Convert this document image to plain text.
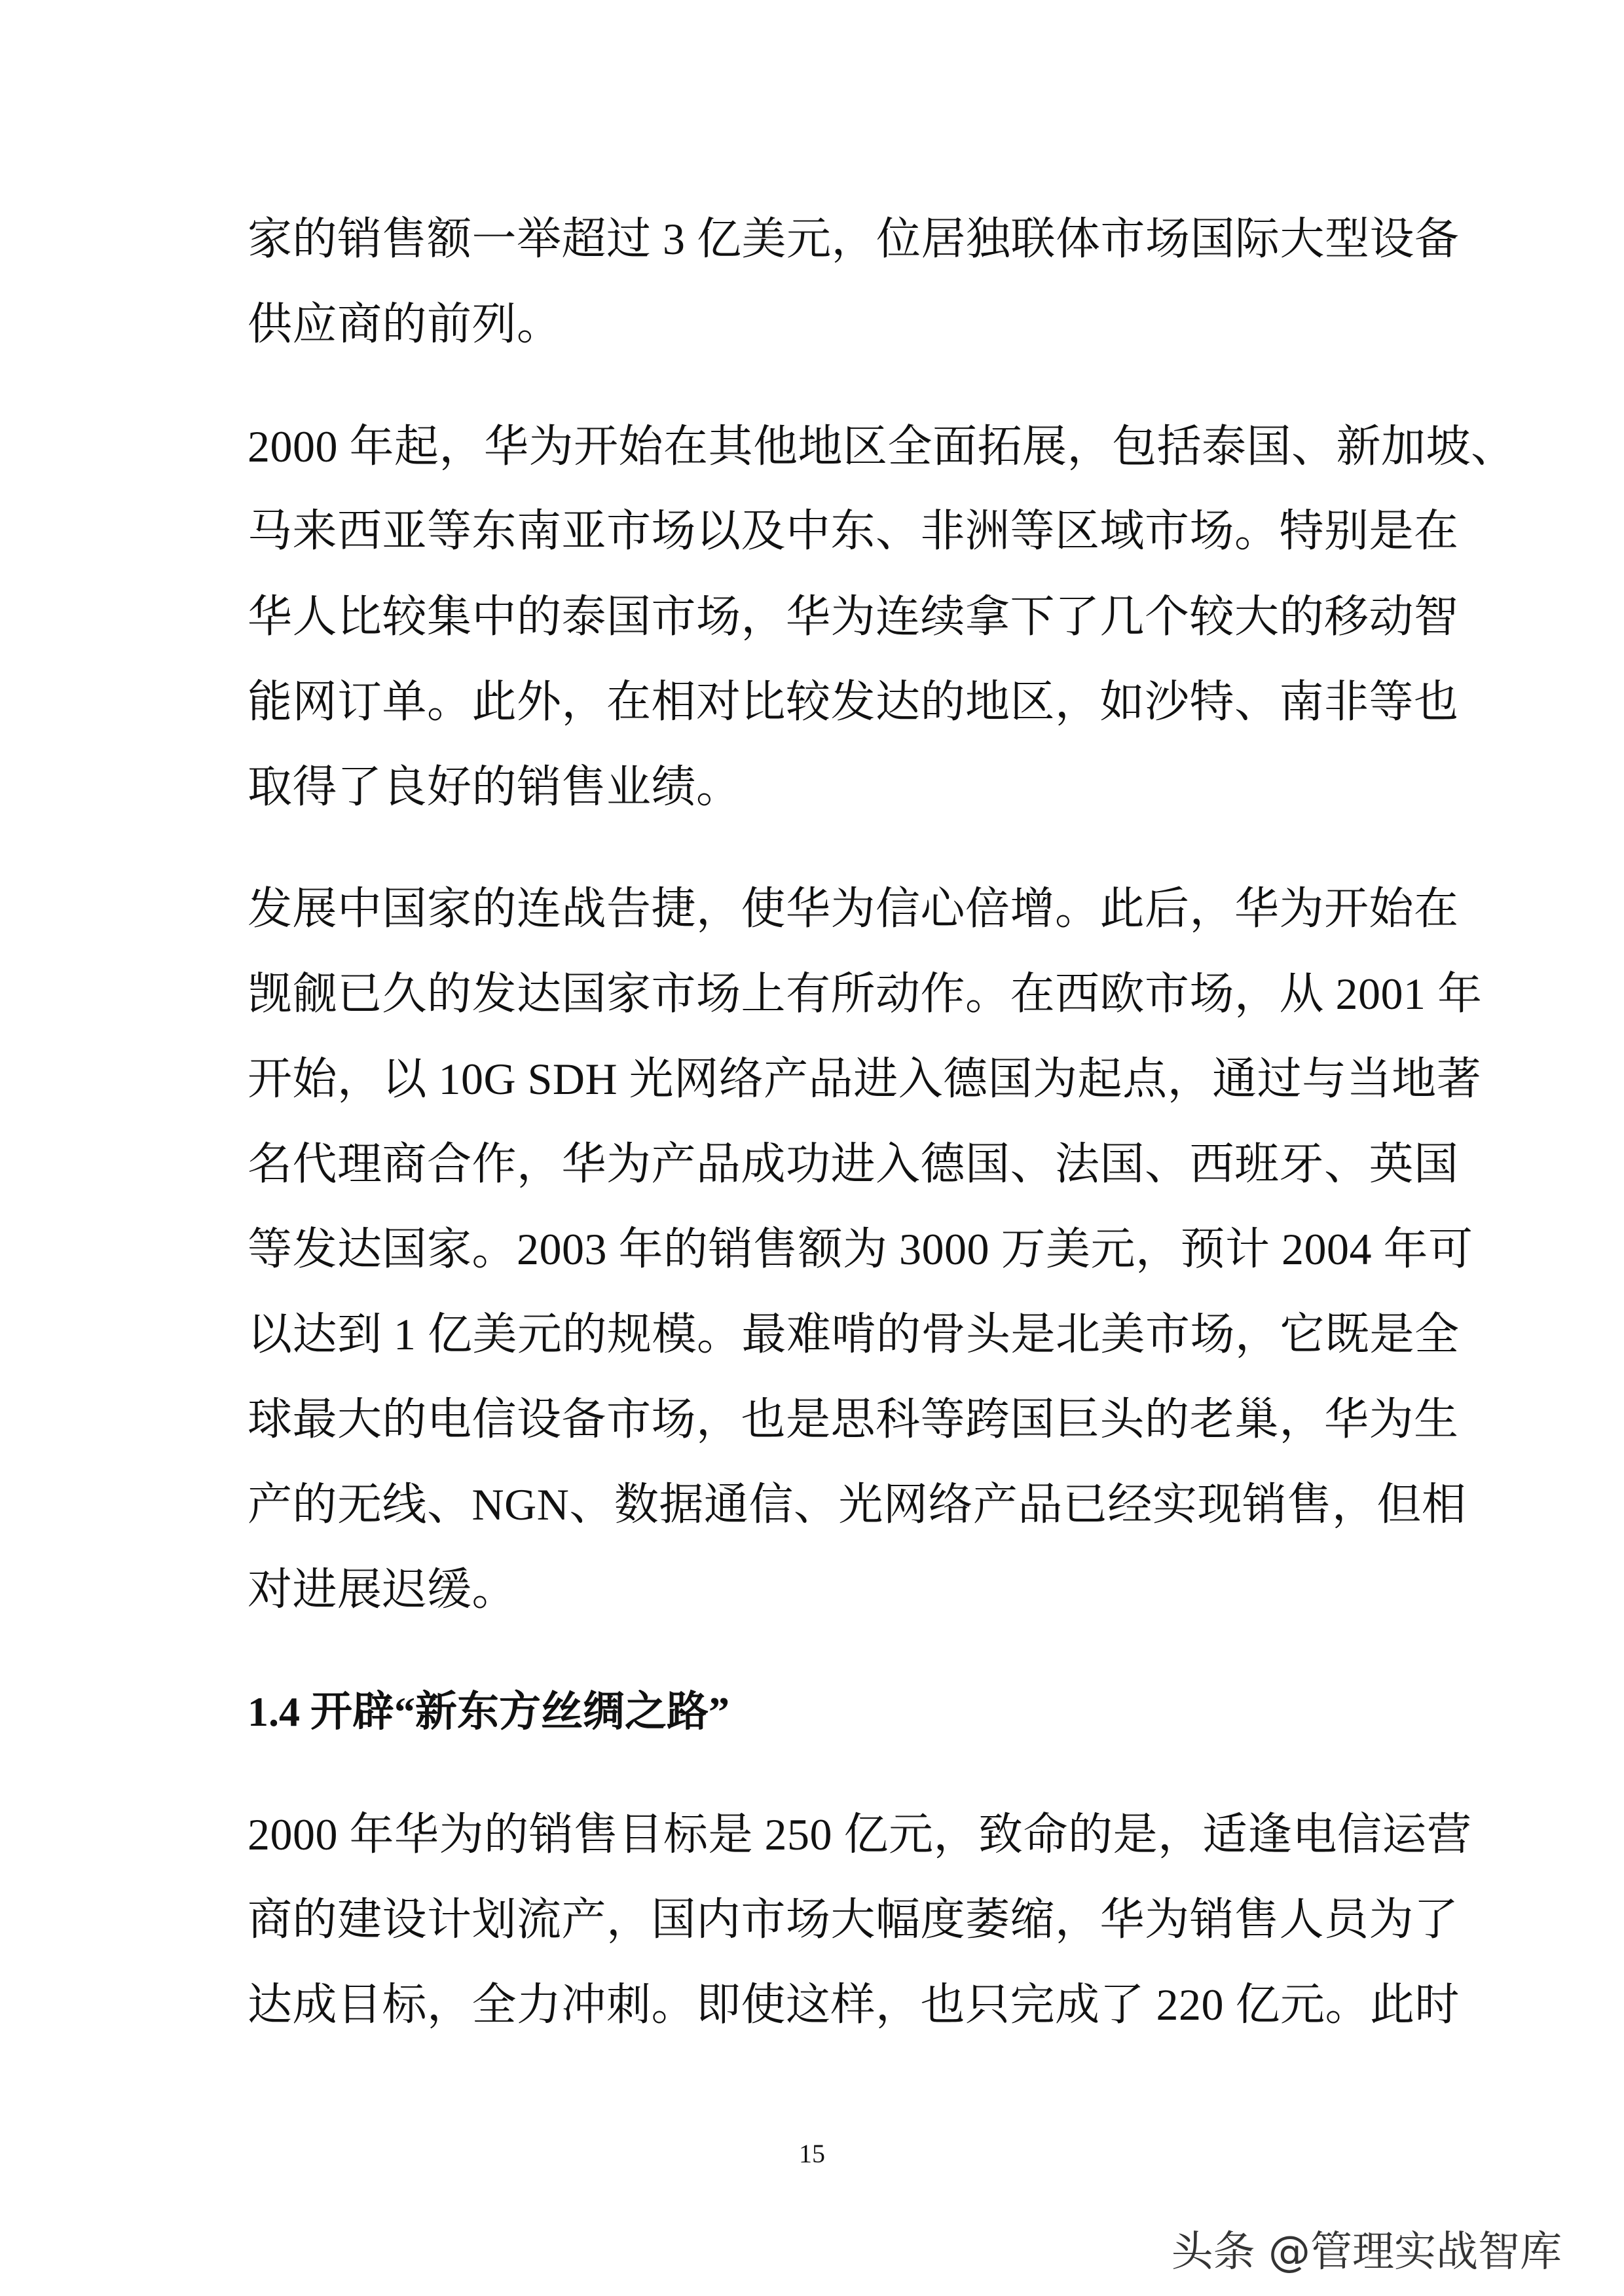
家的销售额一举超过 3 亿美元，位居独联体市场国际大型设备
供应商的前列。
2000 年起，华为开始在其他地区全面拓展，包括泰国、新加坡、
马来西亚等东南亚市场以及中东、非洲等区域市场。特别是在
华人比较集中的泰国市场，华为连续拿下了几个较大的移动智
能网订单。此外，在相对比较发达的地区，如沙特、南非等也
取得了良好的销售业绩。
发展中国家的连战告捷，使华为信心倍增。此后，华为开始在
觊觎已久的发达国家市场上有所动作。在西欧市场，从 2001 年
开始，以 10G SDH 光网络产品进入德国为起点，通过与当地著
名代理商合作，华为产品成功进入德国、法国、西班牙、英国
等发达国家。2003 年的销售额为 3000 万美元，预计 2004 年可
以达到 1 亿美元的规模。最难啃的骨头是北美市场，它既是全
球最大的电信设备市场，也是思科等跨国巨头的老巢，华为生
产的无线、NGN、数据通信、光网络产品已经实现销售，但相
对进展迟缓。
1.4 开辟“新东方丝绸之路”
2000 年华为的销售目标是 250 亿元，致命的是，适逢电信运营
商的建设计划流产，国内市场大幅度萎缩，华为销售人员为了
达成目标，全力冲刺。即使这样，也只完成了 220 亿元。此时
15
头条 @管理实战智库
